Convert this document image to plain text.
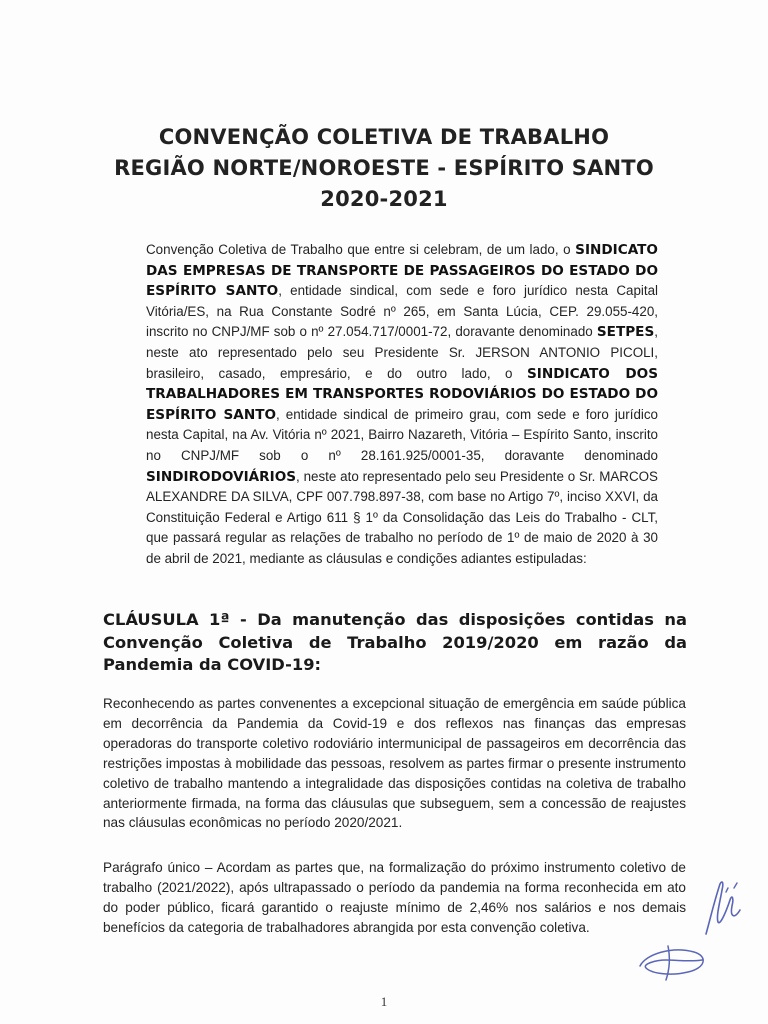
CONVENÇÃO COLETIVA DE TRABALHO
REGIÃO NORTE/NOROESTE - ESPÍRITO SANTO
2020-2021
Convenção Coletiva de Trabalho que entre si celebram, de um lado, o SINDICATO DAS EMPRESAS DE TRANSPORTE DE PASSAGEIROS DO ESTADO DO ESPÍRITO SANTO, entidade sindical, com sede e foro jurídico nesta Capital Vitória/ES, na Rua Constante Sodré nº 265, em Santa Lúcia, CEP. 29.055-420, inscrito no CNPJ/MF sob o nº 27.054.717/0001-72, doravante denominado SETPES, neste ato representado pelo seu Presidente Sr. JERSON ANTONIO PICOLI, brasileiro, casado, empresário, e do outro lado, o SINDICATO DOS TRABALHADORES EM TRANSPORTES RODOVIÁRIOS DO ESTADO DO ESPÍRITO SANTO, entidade sindical de primeiro grau, com sede e foro jurídico nesta Capital, na Av. Vitória nº 2021, Bairro Nazareth, Vitória – Espírito Santo, inscrito no CNPJ/MF sob o nº 28.161.925/0001-35, doravante denominado SINDIRODOVIÁRIOS, neste ato representado pelo seu Presidente o Sr. MARCOS ALEXANDRE DA SILVA, CPF 007.798.897-38, com base no Artigo 7º, inciso XXVI, da Constituição Federal e Artigo 611 § 1º da Consolidação das Leis do Trabalho - CLT, que passará regular as relações de trabalho no período de 1º de maio de 2020 à 30 de abril de 2021, mediante as cláusulas e condições adiantes estipuladas:
CLÁUSULA 1ª - Da manutenção das disposições contidas na Convenção Coletiva de Trabalho 2019/2020 em razão da Pandemia da COVID-19:
Reconhecendo as partes convenentes a excepcional situação de emergência em saúde pública em decorrência da Pandemia da Covid-19 e dos reflexos nas finanças das empresas operadoras do transporte coletivo rodoviário intermunicipal de passageiros em decorrência das restrições impostas à mobilidade das pessoas, resolvem as partes firmar o presente instrumento coletivo de trabalho mantendo a integralidade das disposições contidas na coletiva de trabalho anteriormente firmada, na forma das cláusulas que subseguem, sem a concessão de reajustes nas cláusulas econômicas no período 2020/2021.
Parágrafo único – Acordam as partes que, na formalização do próximo instrumento coletivo de trabalho (2021/2022), após ultrapassado o período da pandemia na forma reconhecida em ato do poder público, ficará garantido o reajuste mínimo de 2,46% nos salários e nos demais benefícios da categoria de trabalhadores abrangida por esta convenção coletiva.
1
